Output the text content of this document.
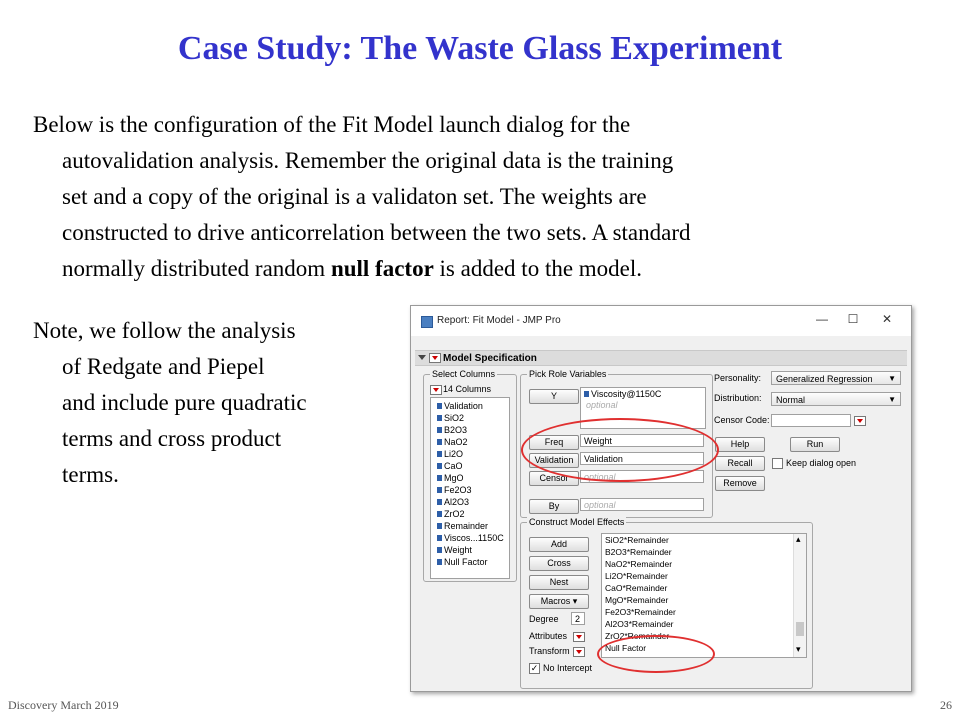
Case Study: The Waste Glass Experiment
Below is the configuration of the Fit Model launch dialog for the
autovalidation analysis. Remember the original data is the training
set and a copy of the original is a validaton set. The weights are
constructed to drive anticorrelation between the two sets. A standard
normally distributed random null factor is added to the model.
Note, we follow the analysis
of Redgate and Piepel
and include pure quadratic
terms and cross product
terms.
Report: Fit Model - JMP Pro	—	☐	✕
Model Specification
Select Columns
14 Columns
Validation
SiO2
B2O3
NaO2
Li2O
CaO
MgO
Fe2O3
Al2O3
ZrO2
Remainder
Viscos...1150C
Weight
Null Factor
Pick Role Variables
Y	Viscosity@1150C
optional
Freq	Weight
Validation	Validation
Censor	optional
By	optional
Personality:	Generalized Regression ▼
Distribution:	Normal	▼
Censor Code:
Help	Run
Recall	Keep dialog open
Remove
Construct Model Effects
Add
Cross
Nest
Macros ▾
Degree	2
Attributes
Transform
✓ No Intercept
SiO2*Remainder
B2O3*Remainder
NaO2*Remainder
Li2O*Remainder
CaO*Remainder
MgO*Remainder
Fe2O3*Remainder
Al2O3*Remainder
ZrO2*Remainder
Null Factor
▴
▾
Discovery March 2019	26
